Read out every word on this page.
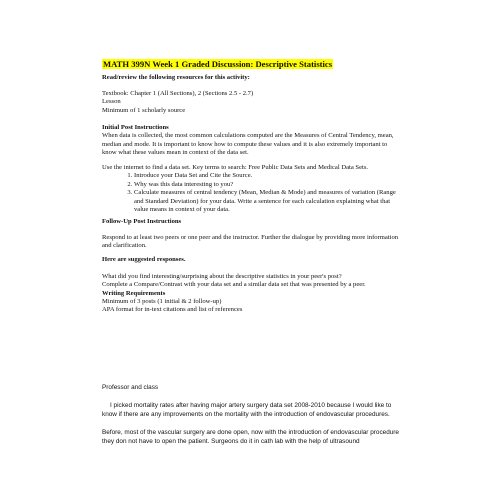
MATH 399N Week 1 Graded Discussion: Descriptive Statistics

Read/review the following resources for this activity:

Textbook: Chapter 1 (All Sections), 2 (Sections 2.5 - 2.7)

Lesson

Minimum of 1 scholarly source

Initial Post Instructions

When data is collected, the most common calculations computed are the Measures of Central Tendency, mean, median and mode. It is important to know how to compute these values and it is also extremely important to know what these values mean in context of the data set.

Use the internet to find a data set. Key terms to search: Free Public Data Sets and Medical Data Sets.

1. Introduce your Data Set and Cite the Source.
2. Why was this data interesting to you?
3. Calculate measures of central tendency (Mean, Median & Mode) and measures of variation (Range and Standard Deviation) for your data. Write a sentence for each calculation explaining what that value means in context of your data.

Follow-Up Post Instructions

Respond to at least two peers or one peer and the instructor. Further the dialogue by providing more information and clarification.

Here are suggested responses.

What did you find interesting/surprising about the descriptive statistics in your peer's post?

Complete a Compare/Contrast with your data set and a similar data set that was presented by a peer.

Writing Requirements

Minimum of 3 posts (1 initial & 2 follow-up)

APA format for in-text citations and list of references

Professor and class

I picked mortality rates after having major artery surgery data set 2008-2010 because I would like to know if there are any improvements on the mortality with the introduction of endovascular procedures.

Before, most of the vascular surgery are done open, now with the introduction of endovascular procedure they don not have to open the patient. Surgeons do it in cath lab with the help of ultrasound
